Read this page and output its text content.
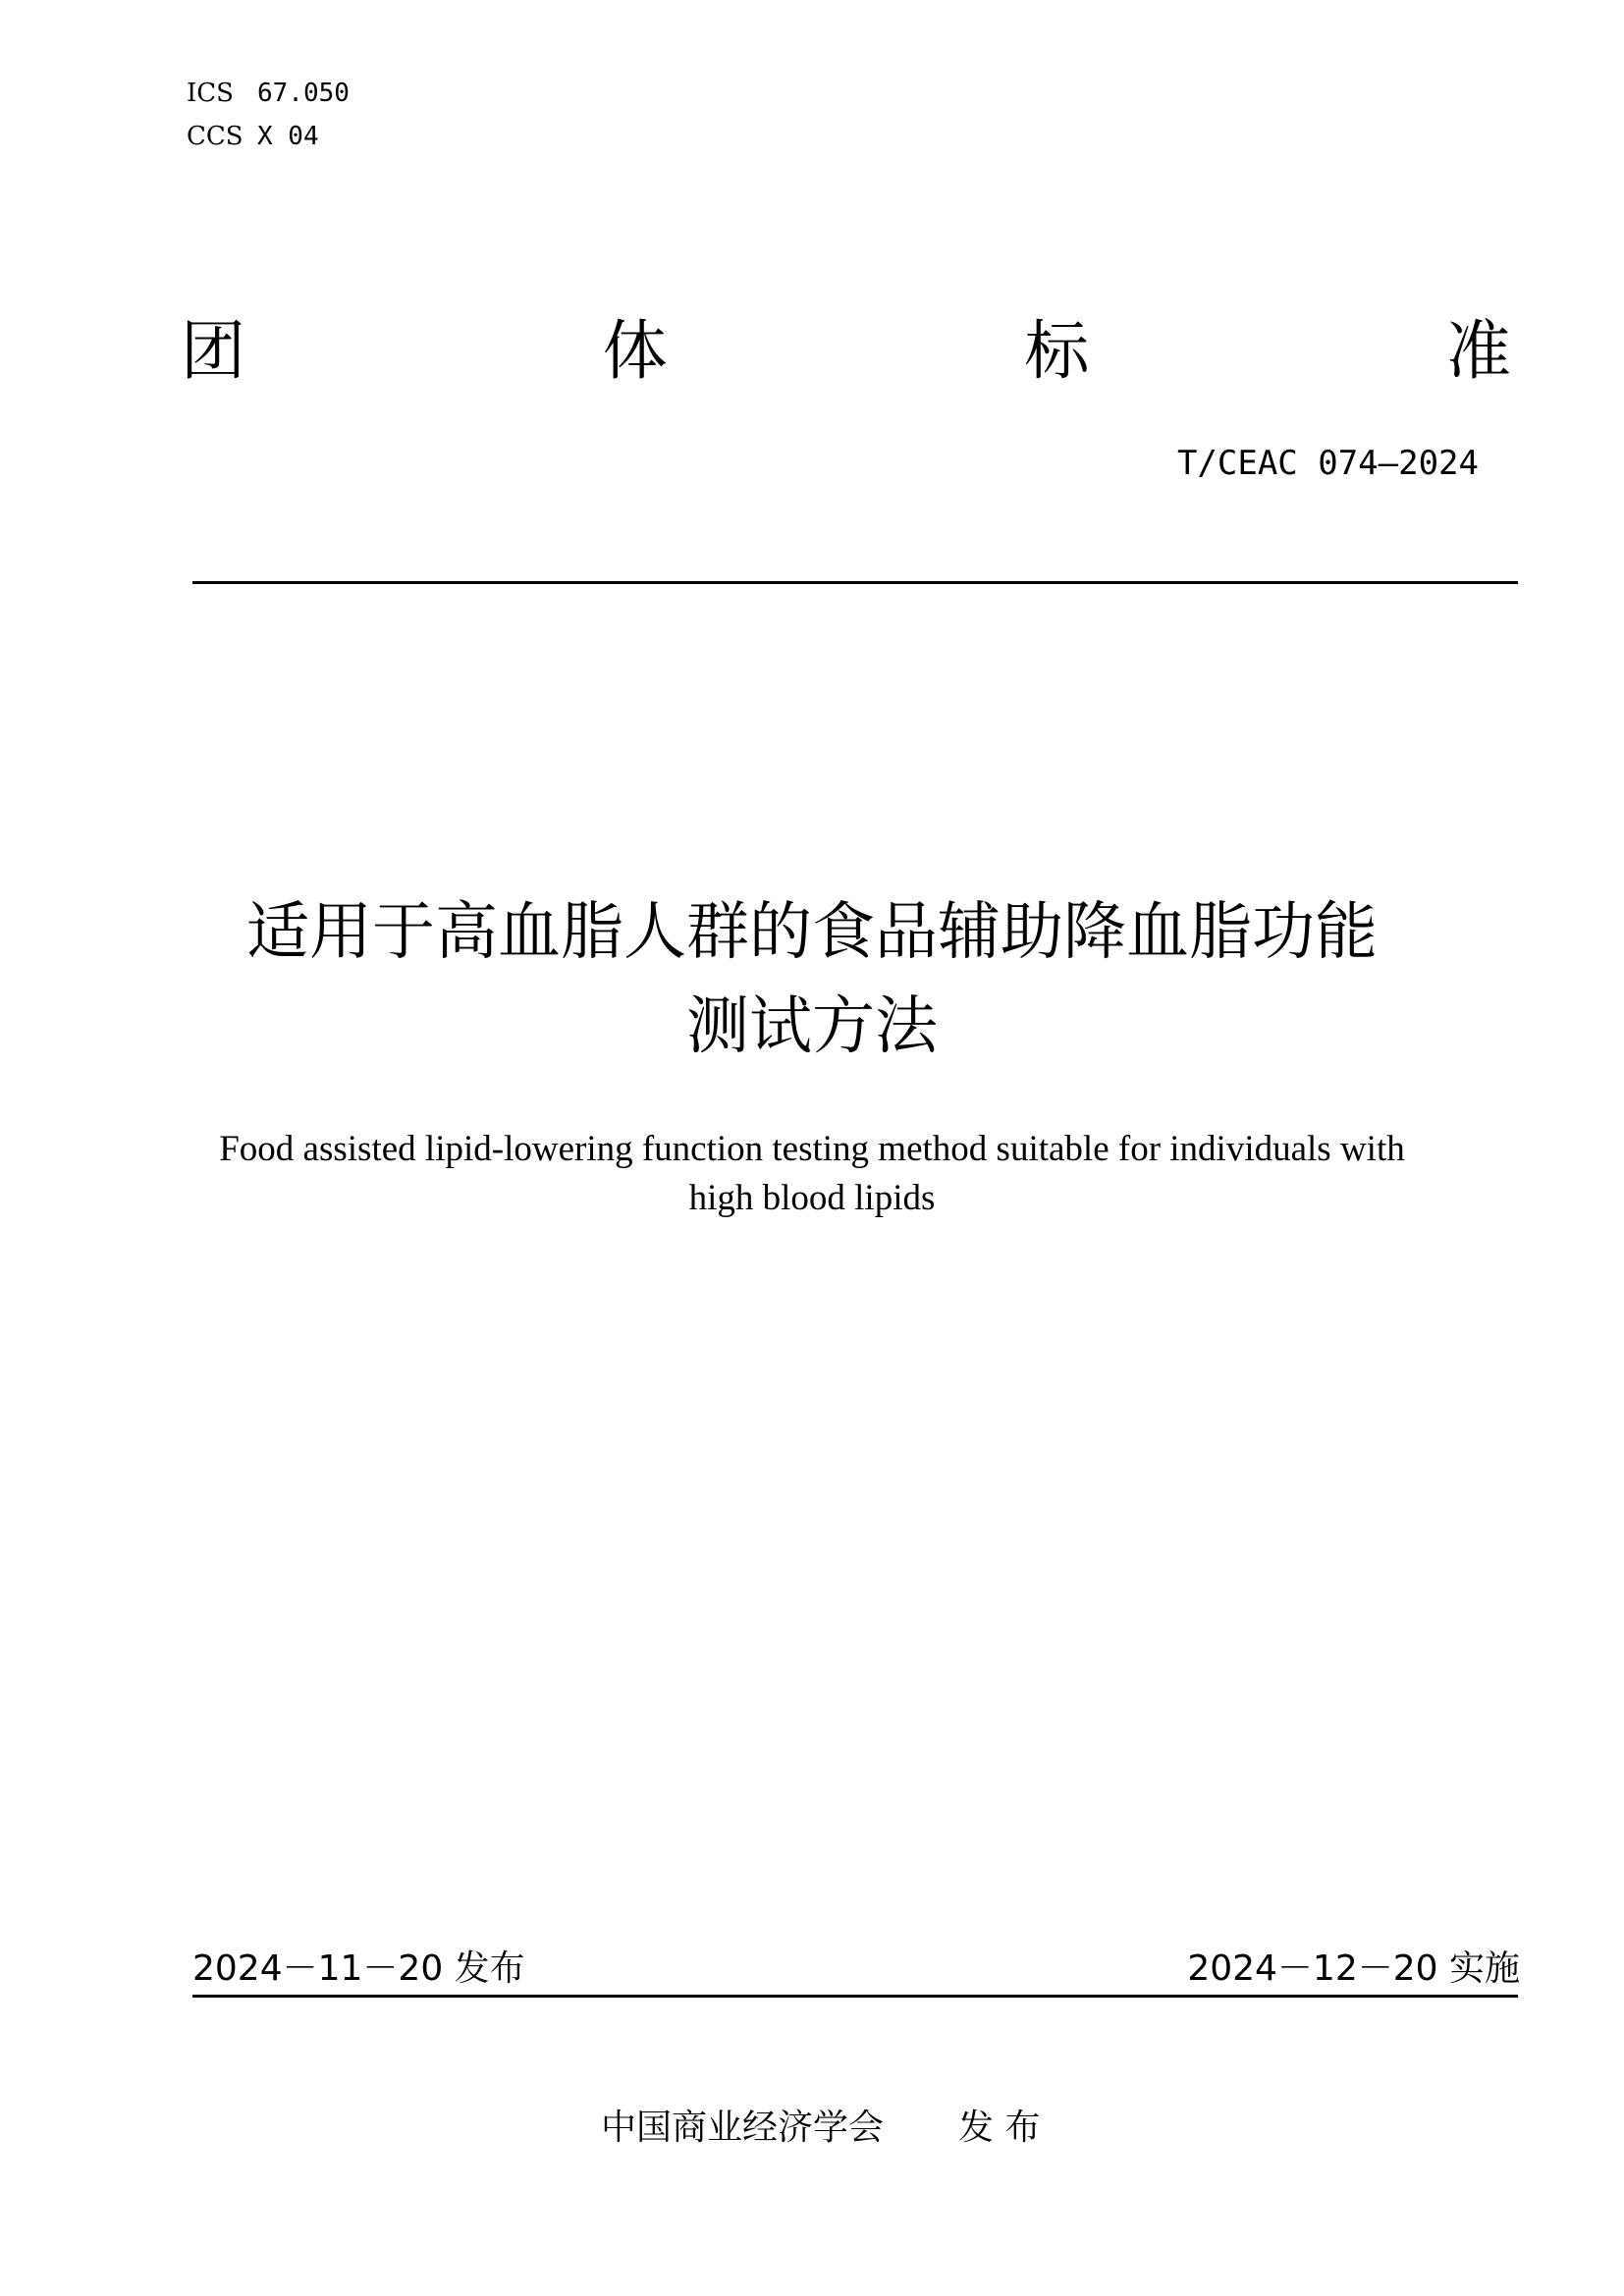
ICS 67.050
CCS X 04
团	体	标	准
T/CEAC 074—2024
适用于高血脂人群的食品辅助降血脂功能
测试方法
Food assisted lipid-lowering function testing method suitable for individuals with
high blood lipids
2024－11－20 发布	2024－12－20 实施
中国商业经济学会 发 布
